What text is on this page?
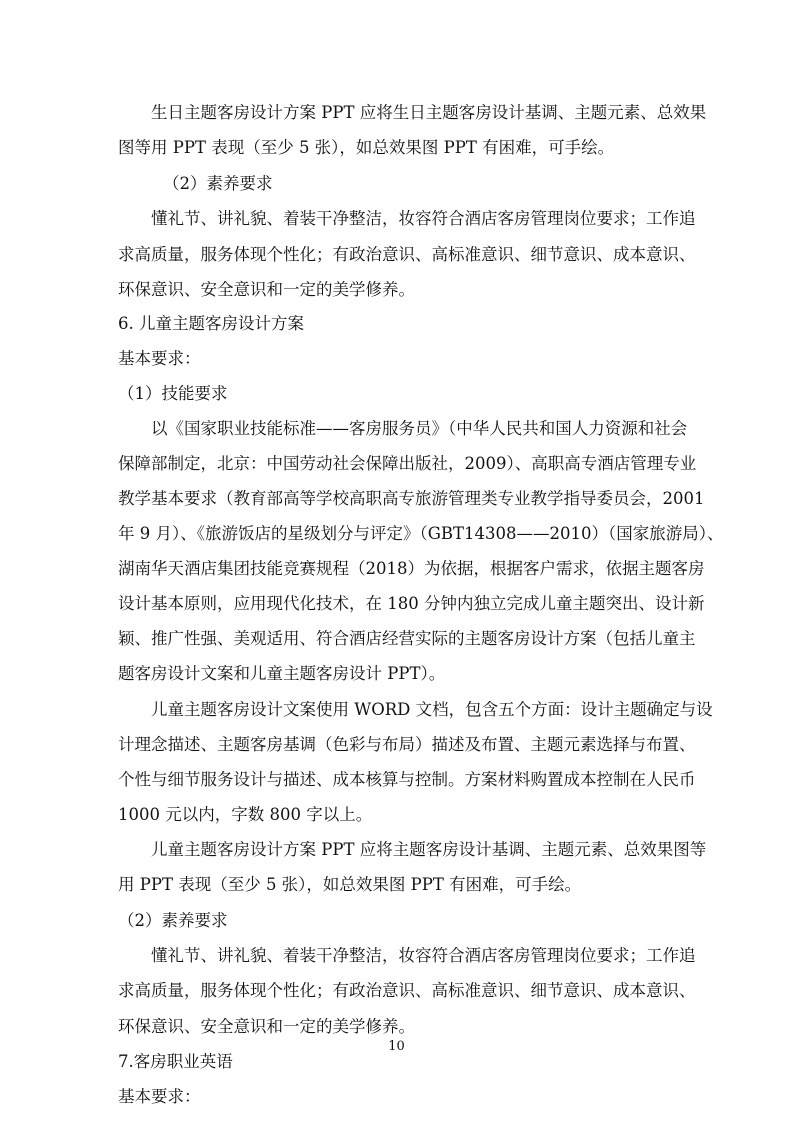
生日主题客房设计方案 PPT 应将生日主题客房设计基调、主题元素、总效果
图等用 PPT 表现（至少 5 张），如总效果图 PPT 有困难，可手绘。
（2）素养要求
懂礼节、讲礼貌、着装干净整洁，妆容符合酒店客房管理岗位要求；工作追
求高质量，服务体现个性化；有政治意识、高标准意识、细节意识、成本意识、
环保意识、安全意识和一定的美学修养。
6. 儿童主题客房设计方案
基本要求：
（1）技能要求
以《国家职业技能标准——客房服务员》（中华人民共和国人力资源和社会
保障部制定，北京：中国劳动社会保障出版社，2009）、高职高专酒店管理专业
教学基本要求（教育部高等学校高职高专旅游管理类专业教学指导委员会，2001
年 9 月）、《旅游饭店的星级划分与评定》（GBT14308——2010）（国家旅游局）、
湖南华天酒店集团技能竞赛规程（2018）为依据，根据客户需求，依据主题客房
设计基本原则，应用现代化技术，在 180 分钟内独立完成儿童主题突出、设计新
颖、推广性强、美观适用、符合酒店经营实际的主题客房设计方案（包括儿童主
题客房设计文案和儿童主题客房设计 PPT）。
儿童主题客房设计文案使用 WORD 文档，包含五个方面：设计主题确定与设
计理念描述、主题客房基调（色彩与布局）描述及布置、主题元素选择与布置、
个性与细节服务设计与描述、成本核算与控制。方案材料购置成本控制在人民币
1000 元以内，字数 800 字以上。
儿童主题客房设计方案 PPT 应将主题客房设计基调、主题元素、总效果图等
用 PPT 表现（至少 5 张），如总效果图 PPT 有困难，可手绘。
（2）素养要求
懂礼节、讲礼貌、着装干净整洁，妆容符合酒店客房管理岗位要求；工作追
求高质量，服务体现个性化；有政治意识、高标准意识、细节意识、成本意识、
环保意识、安全意识和一定的美学修养。
7.客房职业英语
基本要求：
10
